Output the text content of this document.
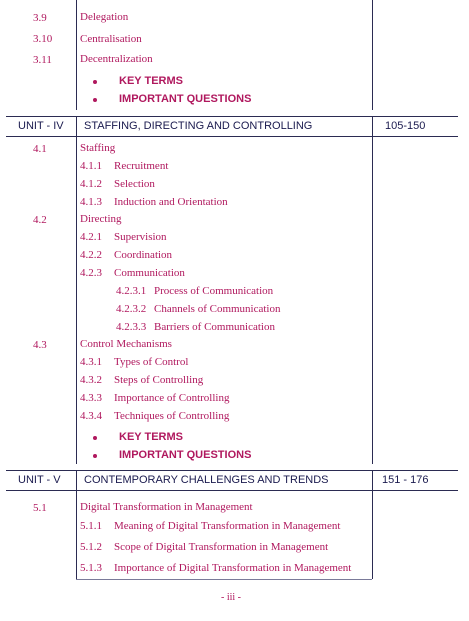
3.9	Delegation
3.10	Centralisation
3.11	Decentralization
KEY TERMS
IMPORTANT QUESTIONS
UNIT - IV STAFFING, DIRECTING AND CONTROLLING	105-150
4.1	Staffing
4.1.1 Recruitment
4.1.2 Selection
4.1.3 Induction and Orientation
4.2	Directing
4.2.1 Supervision
4.2.2 Coordination
4.2.3 Communication
4.2.3.1 Process of Communication
4.2.3.2 Channels of Communication
4.2.3.3 Barriers of Communication
4.3	Control Mechanisms
4.3.1 Types of Control
4.3.2 Steps of Controlling
4.3.3 Importance of Controlling
4.3.4 Techniques of Controlling
KEY TERMS
IMPORTANT QUESTIONS
UNIT - V CONTEMPORARY CHALLENGES AND TRENDS	151 - 176
5.1	Digital Transformation in Management
5.1.1 Meaning of Digital Transformation in Management
5.1.2 Scope of Digital Transformation in Management
5.1.3 Importance of Digital Transformation in Management
- iii -
